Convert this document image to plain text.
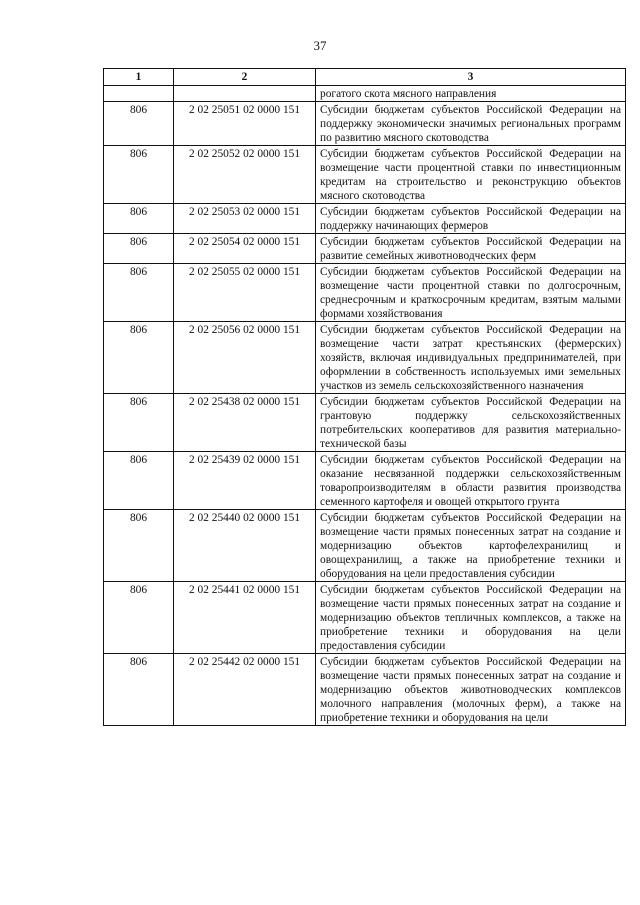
37
1	2	3
		рогатого скота мясного направления
806	2 02 25051 02 0000 151	Субсидии бюджетам субъектов Российской Федерации на поддержку экономически значимых региональных программ по развитию мясного скотоводства
806	2 02 25052 02 0000 151	Субсидии бюджетам субъектов Российской Федерации на возмещение части процентной ставки по инвестиционным кредитам на строительство и реконструкцию объектов мясного скотоводства
806	2 02 25053 02 0000 151	Субсидии бюджетам субъектов Российской Федерации на поддержку начинающих фермеров
806	2 02 25054 02 0000 151	Субсидии бюджетам субъектов Российской Федерации на развитие семейных животноводческих ферм
806	2 02 25055 02 0000 151	Субсидии бюджетам субъектов Российской Федерации на возмещение части процентной ставки по долгосрочным, среднесрочным и краткосрочным кредитам, взятым малыми формами хозяйствования
806	2 02 25056 02 0000 151	Субсидии бюджетам субъектов Российской Федерации на возмещение части затрат крестьянских (фермерских) хозяйств, включая индивидуальных предпринимателей, при оформлении в собственность используемых ими земельных участков из земель сельскохозяйственного назначения
806	2 02 25438 02 0000 151	Субсидии бюджетам субъектов Российской Федерации на грантовую поддержку сельскохозяйственных потребительских кооперативов для развития материально-технической базы
806	2 02 25439 02 0000 151	Субсидии бюджетам субъектов Российской Федерации на оказание несвязанной поддержки сельскохозяйственным товаропроизводителям в области развития производства семенного картофеля и овощей открытого грунта
806	2 02 25440 02 0000 151	Субсидии бюджетам субъектов Российской Федерации на возмещение части прямых понесенных затрат на создание и модернизацию объектов картофелехранилищ и овощехранилищ, а также на приобретение техники и оборудования на цели предоставления субсидии
806	2 02 25441 02 0000 151	Субсидии бюджетам субъектов Российской Федерации на возмещение части прямых понесенных затрат на создание и модернизацию объектов тепличных комплексов, а также на приобретение техники и оборудования на цели предоставления субсидии
806	2 02 25442 02 0000 151	Субсидии бюджетам субъектов Российской Федерации на возмещение части прямых понесенных затрат на создание и модернизацию объектов животноводческих комплексов молочного направления (молочных ферм), а также на приобретение техники и оборудования на цели
